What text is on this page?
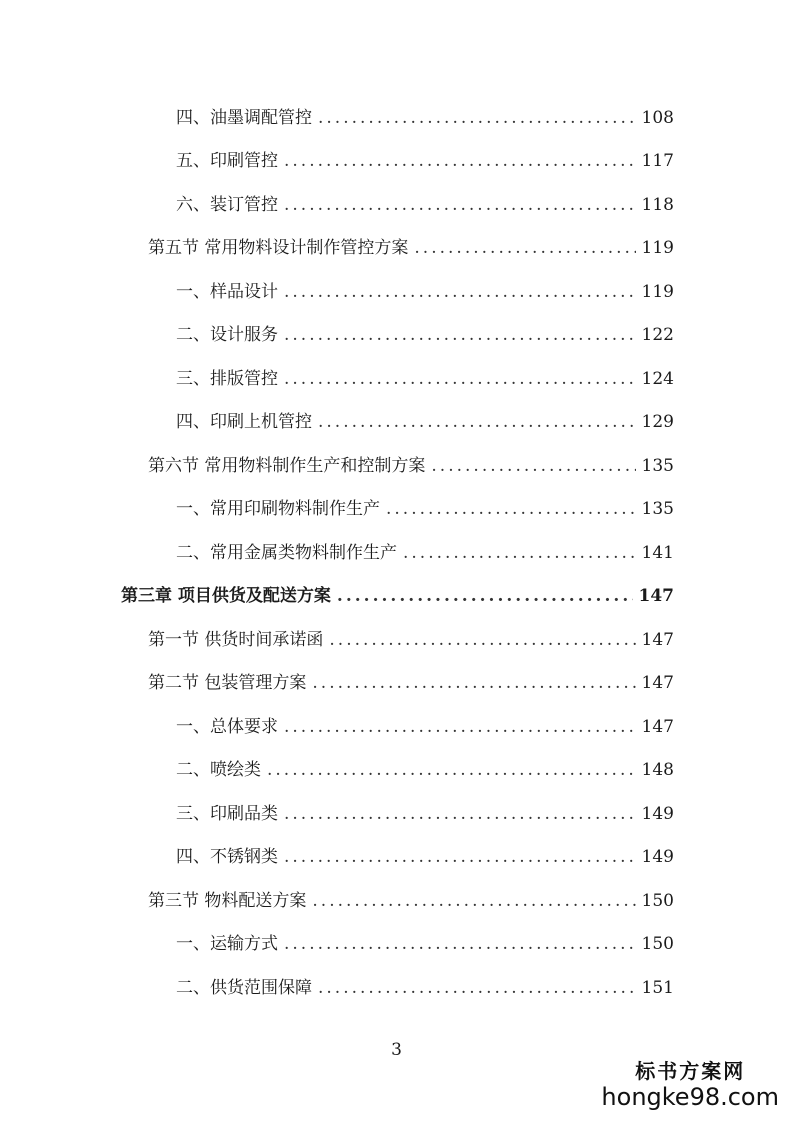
四、油墨调配管控 .....	108
五、印刷管控 .....	117
六、装订管控 .....	118
第五节 常用物料设计制作管控方案 .....	119
一、样品设计 .....	119
二、设计服务 .....	122
三、排版管控 .....	124
四、印刷上机管控 .....	129
第六节 常用物料制作生产和控制方案 .....	135
一、常用印刷物料制作生产 .....	135
二、常用金属类物料制作生产 .....	141
第三章 项目供货及配送方案 .....	147
第一节 供货时间承诺函 .....	147
第二节 包装管理方案 .....	147
一、总体要求 .....	147
二、喷绘类 .....	148
三、印刷品类 .....	149
四、不锈钢类 .....	149
第三节 物料配送方案 .....	150
一、运输方式 .....	150
二、供货范围保障 .....	151
3
标书方案网
hongke98.com
